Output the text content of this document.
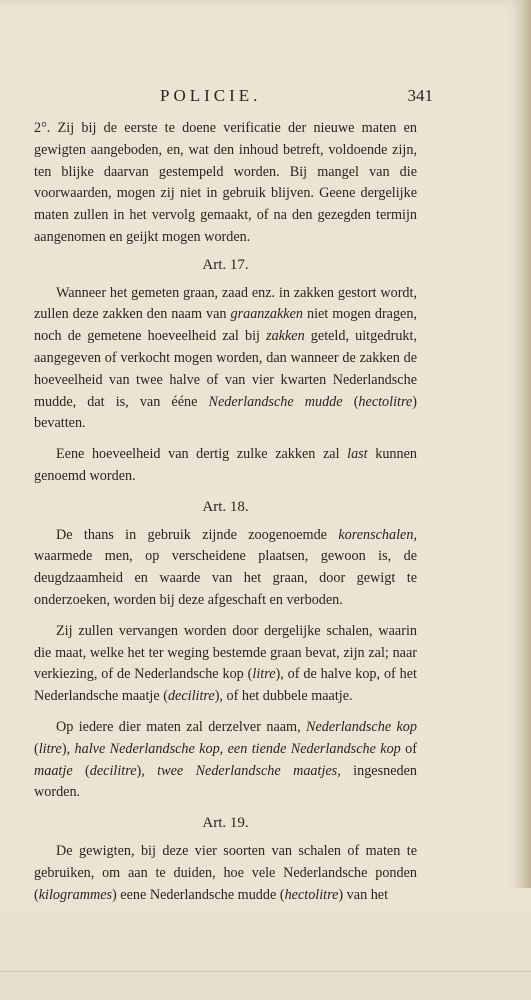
POLICIE.	341

2°. Zij bij de eerste te doene verificatie der nieuwe maten en gewigten aangeboden, en, wat den inhoud betreft, voldoende zijn, ten blijke daarvan gestempeld worden. Bij mangel van die voorwaarden, mogen zij niet in gebruik blijven. Geene dergelijke maten zullen in het vervolg gemaakt, of na den gezegden termijn aangenomen en geijkt mogen worden.

Art. 17.

Wanneer het gemeten graan, zaad enz. in zakken gestort wordt, zullen deze zakken den naam van graanzakken niet mogen dragen, noch de gemetene hoeveelheid zal bij zakken geteld, uitgedrukt, aangegeven of verkocht mogen worden, dan wanneer de zakken de hoeveelheid van twee halve of van vier kwarten Nederlandsche mudde, dat is, van ééne Nederlandsche mudde (hectolitre) bevatten.

Eene hoeveelheid van dertig zulke zakken zal last kunnen genoemd worden.

Art. 18.

De thans in gebruik zijnde zoogenoemde korenschalen, waarmede men, op verscheidene plaatsen, gewoon is, de deugdzaamheid en waarde van het graan, door gewigt te onderzoeken, worden bij deze afgeschaft en verboden.

Zij zullen vervangen worden door dergelijke schalen, waarin die maat, welke het ter weging bestemde graan bevat, zijn zal; naar verkiezing, of de Nederlandsche kop (litre), of de halve kop, of het Nederlandsche maatje (decilitre), of het dubbele maatje.

Op iedere dier maten zal derzelver naam, Nederlandsche kop (litre), halve Nederlandsche kop, een tiende Nederlandsche kop of maatje (decilitre), twee Nederlandsche maatjes, ingesneden worden.

Art. 19.

De gewigten, bij deze vier soorten van schalen of maten te gebruiken, om aan te duiden, hoe vele Nederlandsche ponden (kilogrammes) eene Nederlandsche mudde (hectolitre) van het
